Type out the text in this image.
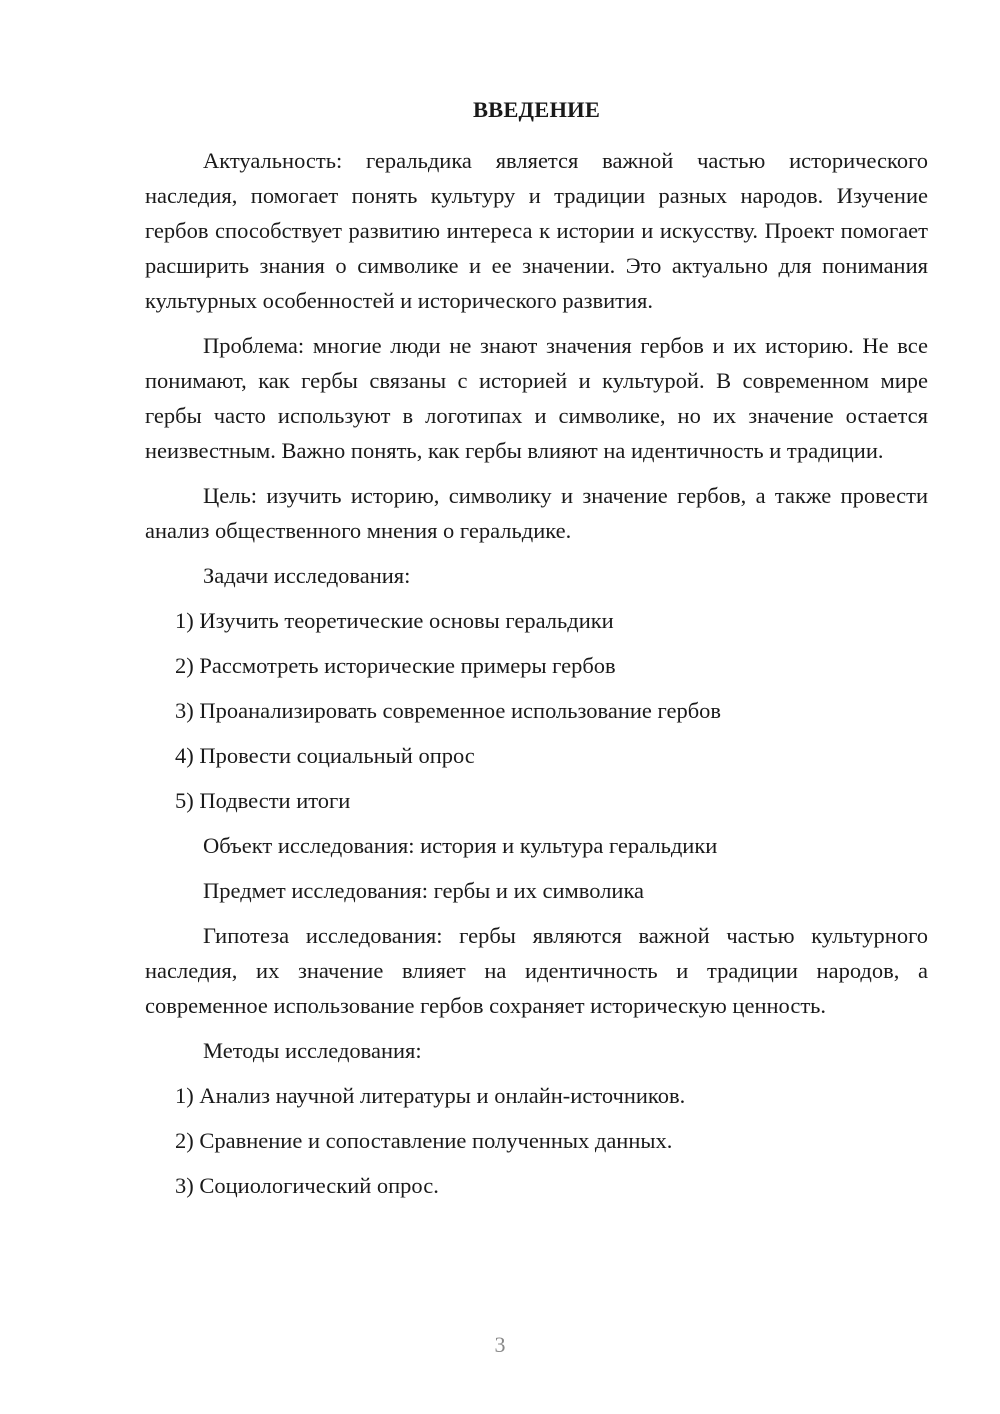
ВВЕДЕНИЕ

Актуальность: геральдика является важной частью исторического наследия, помогает понять культуру и традиции разных народов. Изучение гербов способствует развитию интереса к истории и искусству. Проект помогает расширить знания о символике и ее значении. Это актуально для понимания культурных особенностей и исторического развития.

Проблема: многие люди не знают значения гербов и их историю. Не все понимают, как гербы связаны с историей и культурой. В современном мире гербы часто используют в логотипах и символике, но их значение остается неизвестным. Важно понять, как гербы влияют на идентичность и традиции.

Цель: изучить историю, символику и значение гербов, а также провести анализ общественного мнения о геральдике.

Задачи исследования:

1) Изучить теоретические основы геральдики

2) Рассмотреть исторические примеры гербов

3) Проанализировать современное использование гербов

4) Провести социальный опрос

5) Подвести итоги

Объект исследования: история и культура геральдики

Предмет исследования: гербы и их символика

Гипотеза исследования: гербы являются важной частью культурного наследия, их значение влияет на идентичность и традиции народов, а современное использование гербов сохраняет историческую ценность.

Методы исследования:

1) Анализ научной литературы и онлайн-источников.

2) Сравнение и сопоставление полученных данных.

3) Социологический опрос.

3
